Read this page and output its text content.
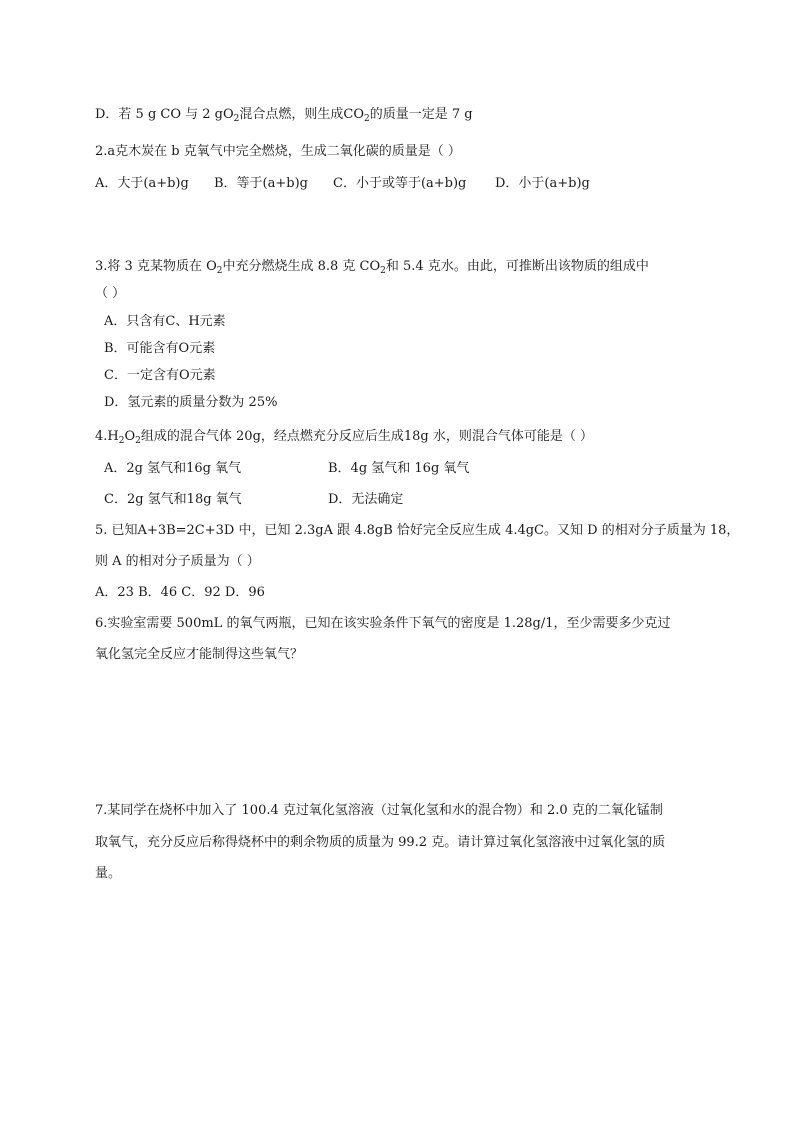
D．若 5 g CO 与 2 $gO_2$混合点燃，则生成$CO_2$的质量一定是 7 g
2.a克木炭在 b 克氧气中完全燃烧，生成二氧化碳的质量是（ ）
A．大于(a+b)g B．等于(a+b)g C．小于或等于(a+b)g D．小于(a+b)g
3.将 3 克某物质在 $O_2$中充分燃烧生成 8.8 克 $CO_2$和 5.4 克水。由此，可推断出该物质的组成中
（ ）
A．只含有C、H元素
B．可能含有O元素
C．一定含有O元素
D．氢元素的质量分数为 25%
$4.H_2O_2$组成的混合气体 20g，经点燃充分反应后生成18g 水，则混合气体可能是（ ）
A．2g 氢气和16g 氧气	B．4g 氢气和 16g 氧气
C．2g 氢气和18g 氧气	D．无法确定
5. 已知A+3B=2C+3D 中，已知 2.3gA 跟 4.8gB 恰好完全反应生成 4.4gC。又知 D 的相对分子质量为 18，
则 A 的相对分子质量为（ ）
A．23 B．46 C．92 D．96
6.实验室需要 500mL 的氧气两瓶，已知在该实验条件下氧气的密度是 1.28g/1，至少需要多少克过
氧化氢完全反应才能制得这些氧气？
7.某同学在烧杯中加入了 100.4 克过氧化氢溶液（过氧化氢和水的混合物）和 2.0 克的二氧化锰制
取氧气，充分反应后称得烧杯中的剩余物质的质量为 99.2 克。请计算过氧化氢溶液中过氧化氢的质
量。
